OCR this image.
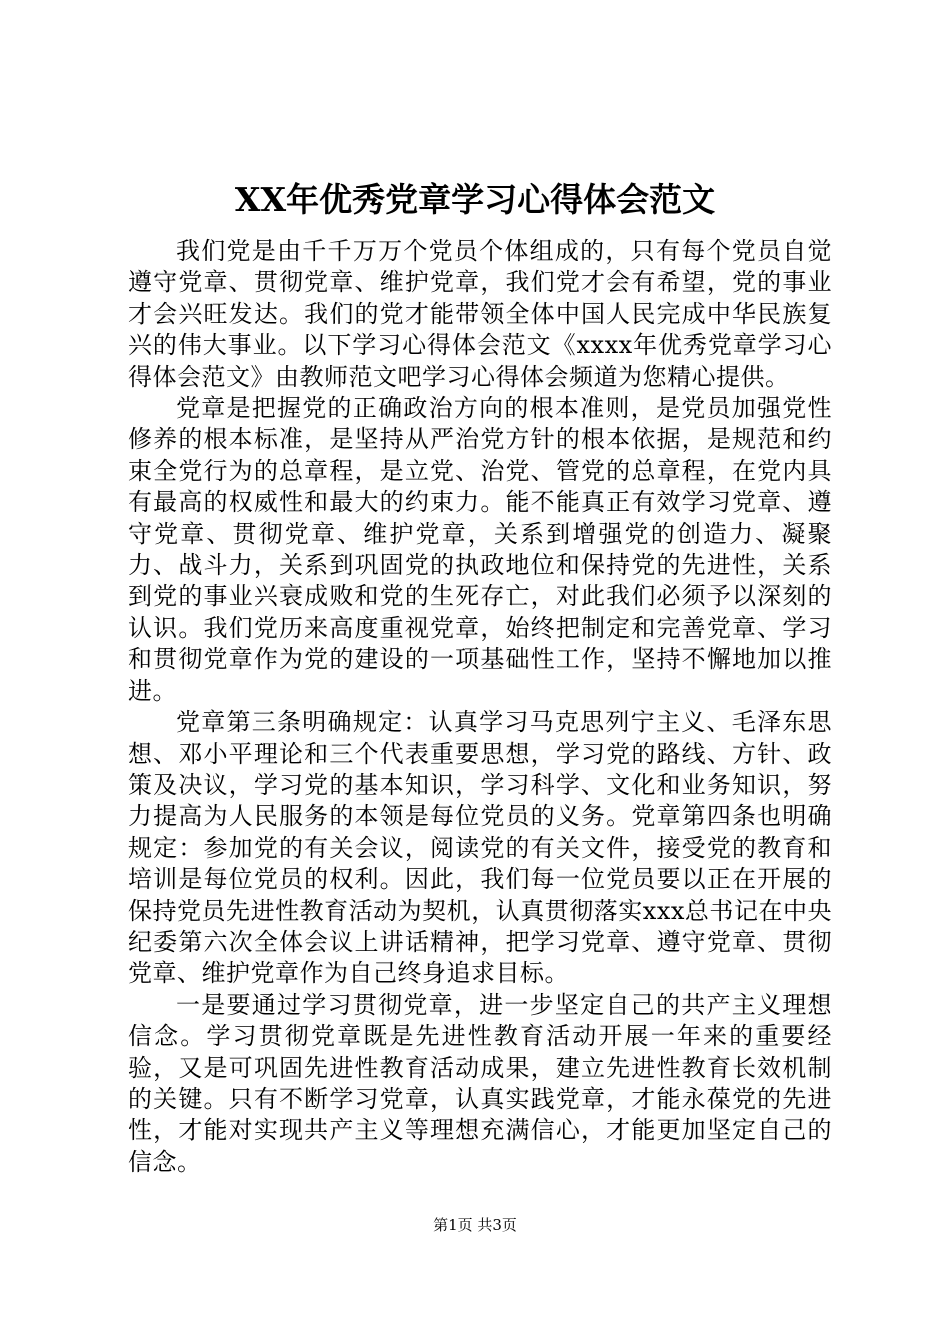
XX年优秀党章学习心得体会范文

我们党是由千千万万个党员个体组成的，只有每个党员自觉遵守党章、贯彻党章、维护党章，我们党才会有希望，党的事业才会兴旺发达。我们的党才能带领全体中国人民完成中华民族复兴的伟大事业。以下学习心得体会范文《xxxx年优秀党章学习心得体会范文》由教师范文吧学习心得体会频道为您精心提供。

党章是把握党的正确政治方向的根本准则，是党员加强党性修养的根本标准，是坚持从严治党方针的根本依据，是规范和约束全党行为的总章程，是立党、治党、管党的总章程，在党内具有最高的权威性和最大的约束力。能不能真正有效学习党章、遵守党章、贯彻党章、维护党章，关系到增强党的创造力、凝聚力、战斗力，关系到巩固党的执政地位和保持党的先进性，关系到党的事业兴衰成败和党的生死存亡，对此我们必须予以深刻的认识。我们党历来高度重视党章，始终把制定和完善党章、学习和贯彻党章作为党的建设的一项基础性工作，坚持不懈地加以推进。

党章第三条明确规定：认真学习马克思列宁主义、毛泽东思想、邓小平理论和三个代表重要思想，学习党的路线、方针、政策及决议，学习党的基本知识，学习科学、文化和业务知识，努力提高为人民服务的本领是每位党员的义务。党章第四条也明确规定：参加党的有关会议，阅读党的有关文件，接受党的教育和培训是每位党员的权利。因此，我们每一位党员要以正在开展的保持党员先进性教育活动为契机，认真贯彻落实xxx总书记在中央纪委第六次全体会议上讲话精神，把学习党章、遵守党章、贯彻党章、维护党章作为自己终身追求目标。

一是要通过学习贯彻党章，进一步坚定自己的共产主义理想信念。学习贯彻党章既是先进性教育活动开展一年来的重要经验，又是可巩固先进性教育活动成果，建立先进性教育长效机制的关键。只有不断学习党章，认真实践党章，才能永葆党的先进性，才能对实现共产主义等理想充满信心，才能更加坚定自己的信念。

第1页 共3页
